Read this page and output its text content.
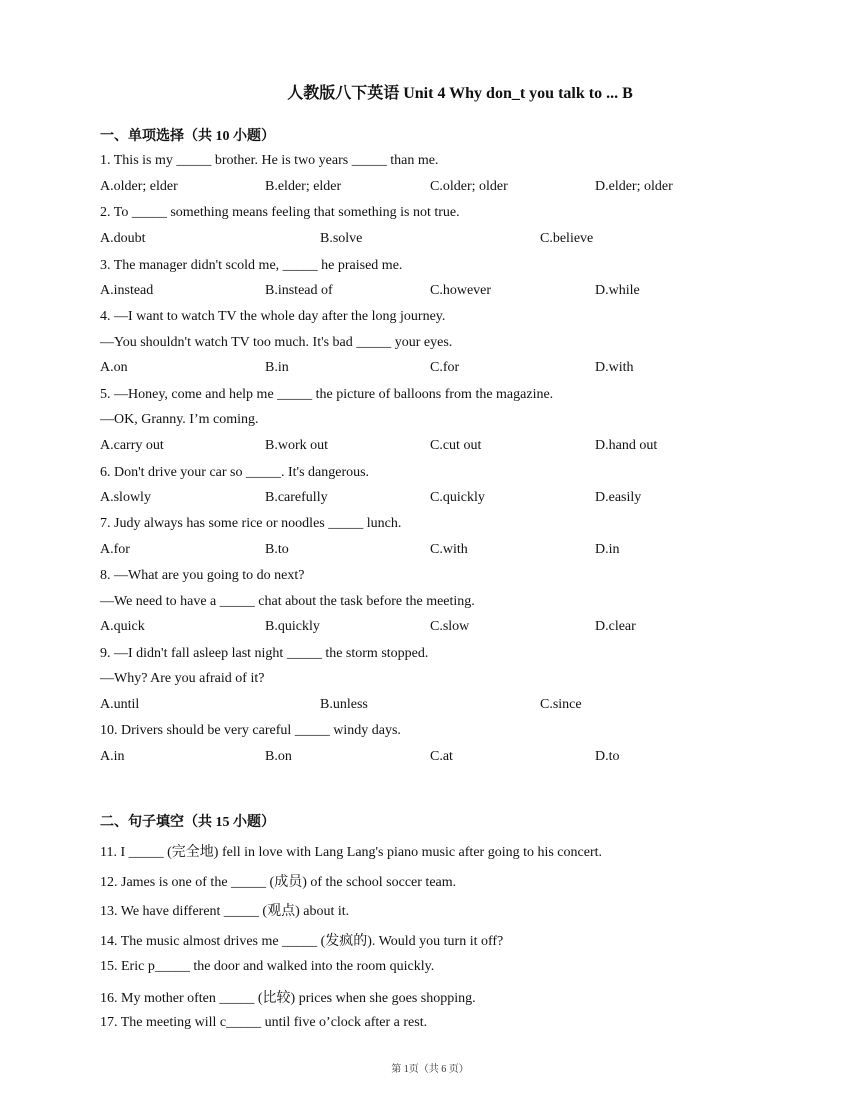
人教版八下英语 Unit 4 Why don_t you talk to ... B
一、单项选择（共 10 小题）
1. This is my _____ brother. He is two years _____ than me.
A.older; elder	B.elder; elder	C.older; older	D.elder; older
2. To _____ something means feeling that something is not true.
A.doubt	B.solve	C.believe
3. The manager didn't scold me, _____ he praised me.
A.instead	B.instead of	C.however	D.while
4. —I want to watch TV the whole day after the long journey.
—You shouldn't watch TV too much. It's bad _____ your eyes.
A.on	B.in	C.for	D.with
5. —Honey, come and help me _____ the picture of balloons from the magazine.
—OK, Granny. I’m coming.
A.carry out	B.work out	C.cut out	D.hand out
6. Don't drive your car so _____. It's dangerous.
A.slowly	B.carefully	C.quickly	D.easily
7. Judy always has some rice or noodles _____ lunch.
A.for	B.to	C.with	D.in
8. —What are you going to do next?
—We need to have a _____ chat about the task before the meeting.
A.quick	B.quickly	C.slow	D.clear
9. —I didn't fall asleep last night _____ the storm stopped.
—Why? Are you afraid of it?
A.until	B.unless	C.since
10. Drivers should be very careful _____ windy days.
A.in	B.on	C.at	D.to
二、句子填空（共 15 小题）
11. I _____ (完全地) fell in love with Lang Lang's piano music after going to his concert.
12. James is one of the _____ (成员) of the school soccer team.
13. We have different _____ (观点) about it.
14. The music almost drives me _____ (发疯的). Would you turn it off?
15. Eric p_____ the door and walked into the room quickly.
16. My mother often _____ (比较) prices when she goes shopping.
17. The meeting will c_____ until five o’clock after a rest.
第 1页（共 6 页）
